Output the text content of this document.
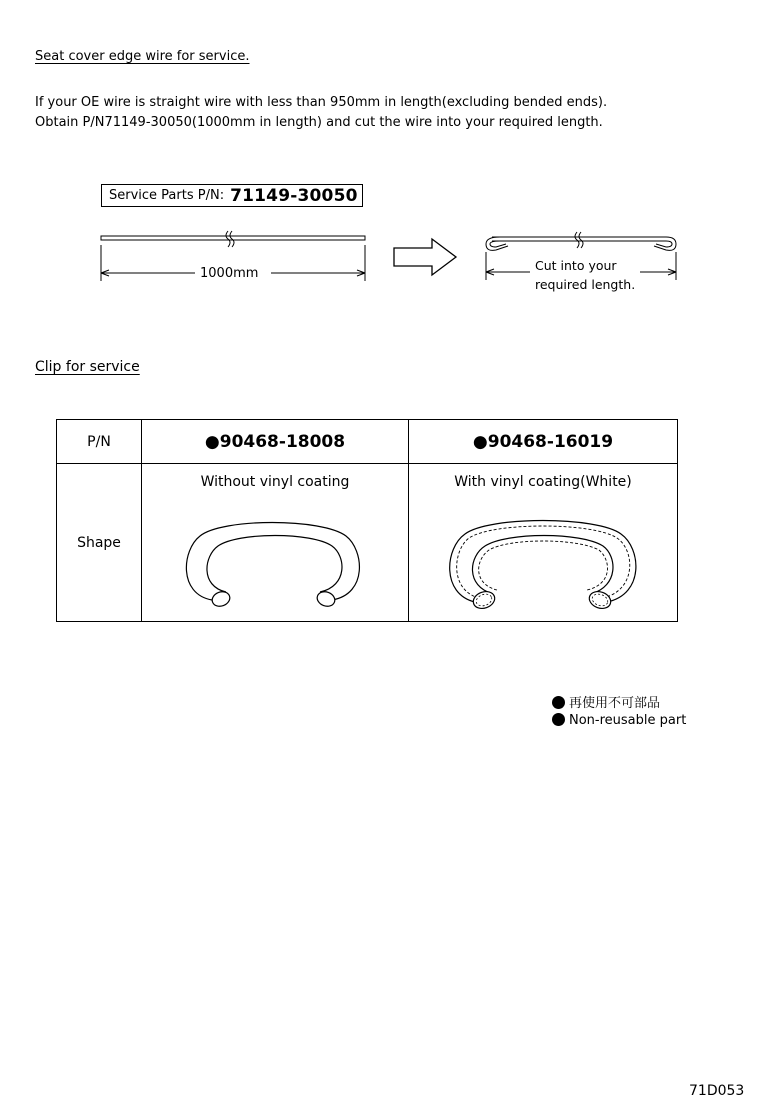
Seat cover edge wire for service.
If your OE wire is straight wire with less than 950mm in length(excluding bended ends).
Obtain P/N71149-30050(1000mm in length) and cut the wire into your required length.
Service Parts P/N: 71149-30050
1000mm
Cut into your
required length.
Clip for service
P/N	●90468-18008	●90468-16019
Shape	Without vinyl coating	With vinyl coating(White)
再使用不可部品
Non-reusable part
71D053
